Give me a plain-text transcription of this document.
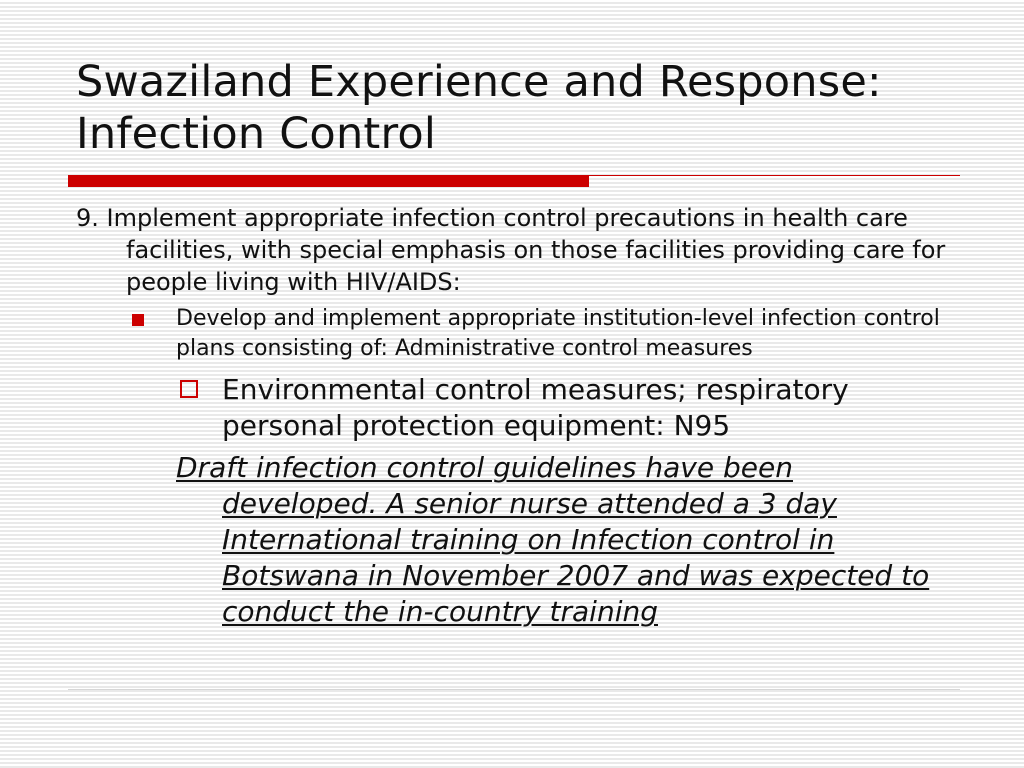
Swaziland Experience and Response: Infection Control

9. Implement appropriate infection control precautions in health care facilities, with special emphasis on those facilities providing care for people living with HIV/AIDS:

Develop and implement appropriate institution-level infection control plans consisting of: Administrative control measures
Environmental control measures; respiratory personal protection equipment: N95

Draft infection control guidelines have been developed. A senior nurse attended a 3 day International training on Infection control in Botswana in November 2007 and was expected to conduct the in-country training
